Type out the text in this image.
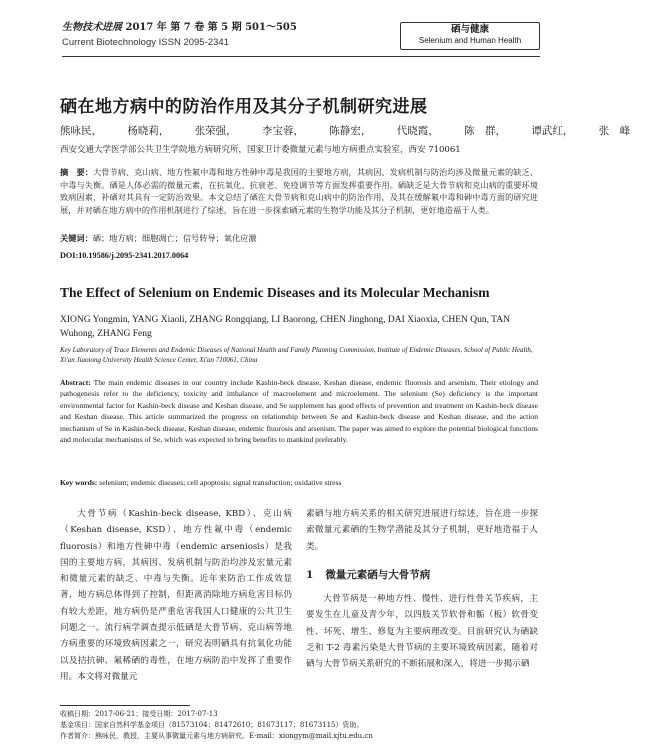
生物技术进展 2017 年 第 7 卷 第 5 期 501～505
Current Biotechnology ISSN 2095-2341
硒与健康
Selenium and Human Health
硒在地方病中的防治作用及其分子机制研究进展
熊咏民， 杨晓莉， 张荣强， 李宝蓉， 陈静宏， 代晓霞， 陈　群， 谭武红， 张　峰
西安交通大学医学部公共卫生学院地方病研究所，国家卫计委微量元素与地方病重点实验室，西安 710061
摘　要：大骨节病、克山病、地方性氟中毒和地方性砷中毒是我国的主要地方病，其病因、发病机制与防治均涉及微量元素的缺乏、中毒与失衡。硒是人体必需的微量元素，在抗氧化、抗衰老、免疫调节等方面发挥重要作用。硒缺乏是大骨节病和克山病的重要环境致病因素，补硒对其具有一定防治效果。本文总结了硒在大骨节病和克山病中的防治作用，及其在缓解氟中毒和砷中毒方面的研究进展，并对硒在地方病中的作用机制进行了综述，旨在进一步探索硒元素的生物学功能及其分子机制，更好地造福于人类。
关键词：硒；地方病；细胞凋亡；信号转导；氧化应激
DOI:10.19586/j.2095-2341.2017.0064
The Effect of Selenium on Endemic Diseases and its Molecular Mechanism
XIONG Yongmin, YANG Xiaoli, ZHANG Rongqiang, LI Baorong, CHEN Jinghong, DAI Xiaoxia, CHEN Qun, TAN Wuhong, ZHANG Feng
Key Laboratory of Trace Elements and Endemic Diseases of National Health and Family Planning Commission, Institute of Endemic Diseases, School of Public Health, Xi'an Jiaotong University Health Science Center, Xi'an 710061, China
Abstract: The main endemic diseases in our country include Kashin-beck disease, Keshan disease, endemic fluorosis and arsenism. Their etiology and pathogenesis refer to the deficiency, toxicity and imbalance of macroelement and microelement. The selenium (Se) deficiency is the important environmental factor for Kashin-beck disease and Keshan disease, and Se supplement has good effects of prevention and treatment on Kashin-beck disease and Keshan disease. This article summarized the progress on relationship between Se and Kashin-beck disease and Keshan disease, and the action mechanism of Se in Kashin-beck disease, Keshan disease, endemic fluorosis and arsenism. The paper was aimed to explore the potential biological functions and molecular mechanisms of Se, which was expected to bring benefits to mankind preferably.
Key words: selenium; endemic diseases; cell apoptosis; signal transduction; oxidative stress

大骨节病（Kashin-beck disease, KBD）、克山病（Keshan disease, KSD）、地方性氟中毒（endemic fluorosis）和地方性砷中毒（endemic arseniosis）是我国的主要地方病，其病因、发病机制与防治均涉及宏量元素和微量元素的缺乏、中毒与失衡。近年来防治工作成效显著，地方病总体得到了控制，但距离消除地方病危害目标仍有较大差距，地方病仍是严重危害我国人口健康的公共卫生问题之一。流行病学调查提示低硒是大骨节病、克山病等地方病重要的环境致病因素之一，研究表明硒具有抗氧化功能以及拮抗砷、氟稀硒的毒性，在地方病防治中发挥了重要作用。本文将对微量元

素硒与地方病关系的相关研究进展进行综述，旨在进一步探索微量元素硒的生物学潜能及其分子机制，更好地造福于人类。

1 微量元素硒与大骨节病

大骨节病是一种地方性、慢性、进行性骨关节疾病，主要发生在儿童及青少年，以四肢关节软骨和骺（板）软骨变性、坏死、增生、修复为主要病理改变。目前研究认为硒缺乏和 T-2 毒素污染是大骨节病的主要环境致病因素，随着对硒与大骨节病关系研究的不断拓展和深入，将进一步揭示硒

收稿日期：2017-06-21；接受日期：2017-07-13
基金项目：国家自然科学基金项目（81573104；81472610；81673117；81673115）资助。
作者简介：熊咏民，教授，主要从事微量元素与地方病研究。E-mail：xiongym@mail.xjtu.edu.cn
